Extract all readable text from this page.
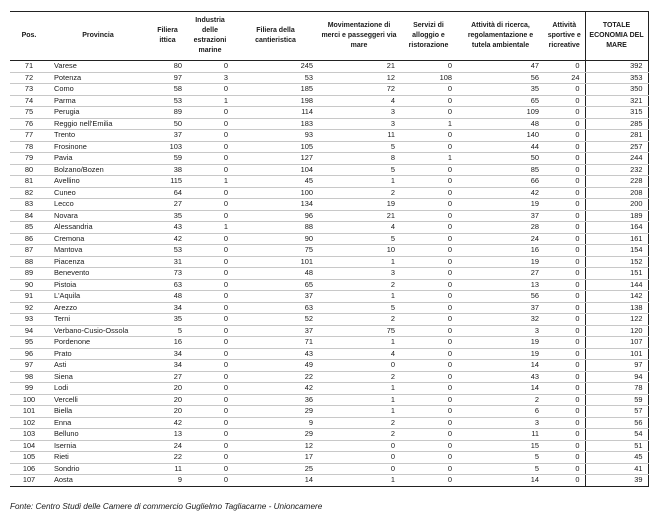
Pos.	Provincia	Filiera ittica	Industria delle estrazioni marine	Filiera della cantieristica	Movimentazione di merci e passeggeri via mare	Servizi di alloggio e ristorazione	Attività di ricerca, regolamentazione e tutela ambientale	Attività sportive e ricreative	TOTALE ECONOMIA DEL MARE
71	Varese	80	0	245	21	0	47	0	392
72	Potenza	97	3	53	12	108	56	24	353
73	Como	58	0	185	72	0	35	0	350
74	Parma	53	1	198	4	0	65	0	321
75	Perugia	89	0	114	3	0	109	0	315
76	Reggio nell'Emilia	50	0	183	3	1	48	0	285
77	Trento	37	0	93	11	0	140	0	281
78	Frosinone	103	0	105	5	0	44	0	257
79	Pavia	59	0	127	8	1	50	0	244
80	Bolzano/Bozen	38	0	104	5	0	85	0	232
81	Avellino	115	1	45	1	0	66	0	228
82	Cuneo	64	0	100	2	0	42	0	208
83	Lecco	27	0	134	19	0	19	0	200
84	Novara	35	0	96	21	0	37	0	189
85	Alessandria	43	1	88	4	0	28	0	164
86	Cremona	42	0	90	5	0	24	0	161
87	Mantova	53	0	75	10	0	16	0	154
88	Piacenza	31	0	101	1	0	19	0	152
89	Benevento	73	0	48	3	0	27	0	151
90	Pistoia	63	0	65	2	0	13	0	144
91	L'Aquila	48	0	37	1	0	56	0	142
92	Arezzo	34	0	63	5	0	37	0	138
93	Terni	35	0	52	2	0	32	0	122
94	Verbano-Cusio-Ossola	5	0	37	75	0	3	0	120
95	Pordenone	16	0	71	1	0	19	0	107
96	Prato	34	0	43	4	0	19	0	101
97	Asti	34	0	49	0	0	14	0	97
98	Siena	27	0	22	2	0	43	0	94
99	Lodi	20	0	42	1	0	14	0	78
100	Vercelli	20	0	36	1	0	2	0	59
101	Biella	20	0	29	1	0	6	0	57
102	Enna	42	0	9	2	0	3	0	56
103	Belluno	13	0	29	2	0	11	0	54
104	Isernia	24	0	12	0	0	15	0	51
105	Rieti	22	0	17	0	0	5	0	45
106	Sondrio	11	0	25	0	0	5	0	41
107	Aosta	9	0	14	1	0	14	0	39
Fonte: Centro Studi delle Camere di commercio Guglielmo Tagliacarne - Unioncamere
